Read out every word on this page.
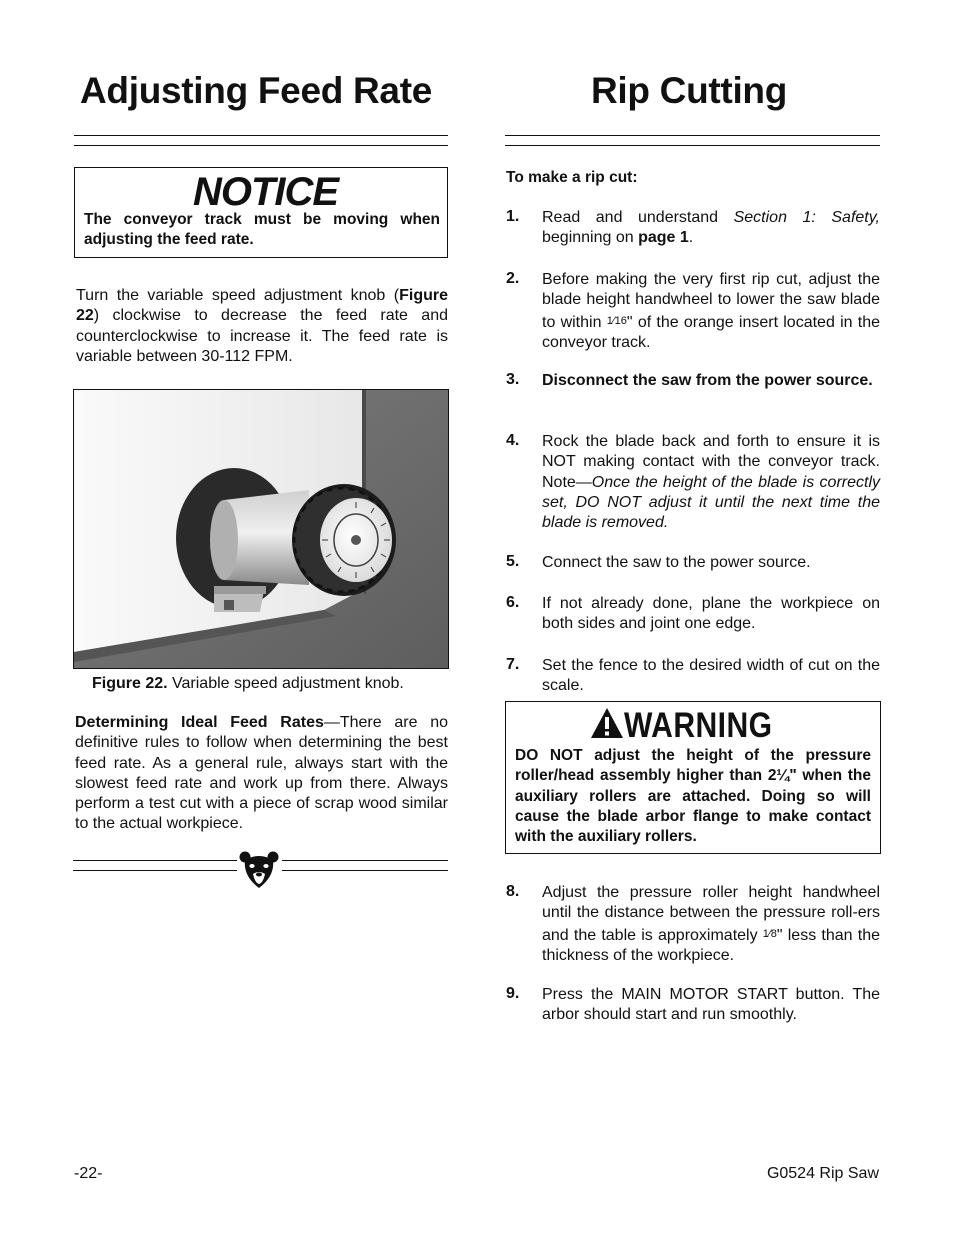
Adjusting Feed Rate
NOTICE
The conveyor track must be moving when adjusting the feed rate.

Turn the variable speed adjustment knob (Figure 22) clockwise to decrease the feed rate and counterclockwise to increase it. The feed rate is variable between 30-112 FPM.

Figure 22. Variable speed adjustment knob.

Determining Ideal Feed Rates—There are no definitive rules to follow when determining the best feed rate. As a general rule, always start with the slowest feed rate and work up from there. Always perform a test cut with a piece of scrap wood similar to the actual workpiece.

Rip Cutting
To make a rip cut:
1. Read and understand Section 1: Safety, beginning on page 1.
2. Before making the very first rip cut, adjust the blade height handwheel to lower the saw blade to within 1⁄16" of the orange insert located in the conveyor track.
3. Disconnect the saw from the power source.
4. Rock the blade back and forth to ensure it is NOT making contact with the conveyor track. Note—Once the height of the blade is correctly set, DO NOT adjust it until the next time the blade is removed.
5. Connect the saw to the power source.
6. If not already done, plane the workpiece on both sides and joint one edge.
7. Set the fence to the desired width of cut on the scale.
8. Adjust the pressure roller height handwheel until the distance between the pressure roll-ers and the table is approximately 1⁄8" less than the thickness of the workpiece.
9. Press the MAIN MOTOR START button. The arbor should start and run smoothly.
WARNING
DO NOT adjust the height of the pressure roller/head assembly higher than 2¼" when the auxiliary rollers are attached. Doing so will cause the blade arbor flange to make contact with the auxiliary rollers.
-22-	G0524 Rip Saw
